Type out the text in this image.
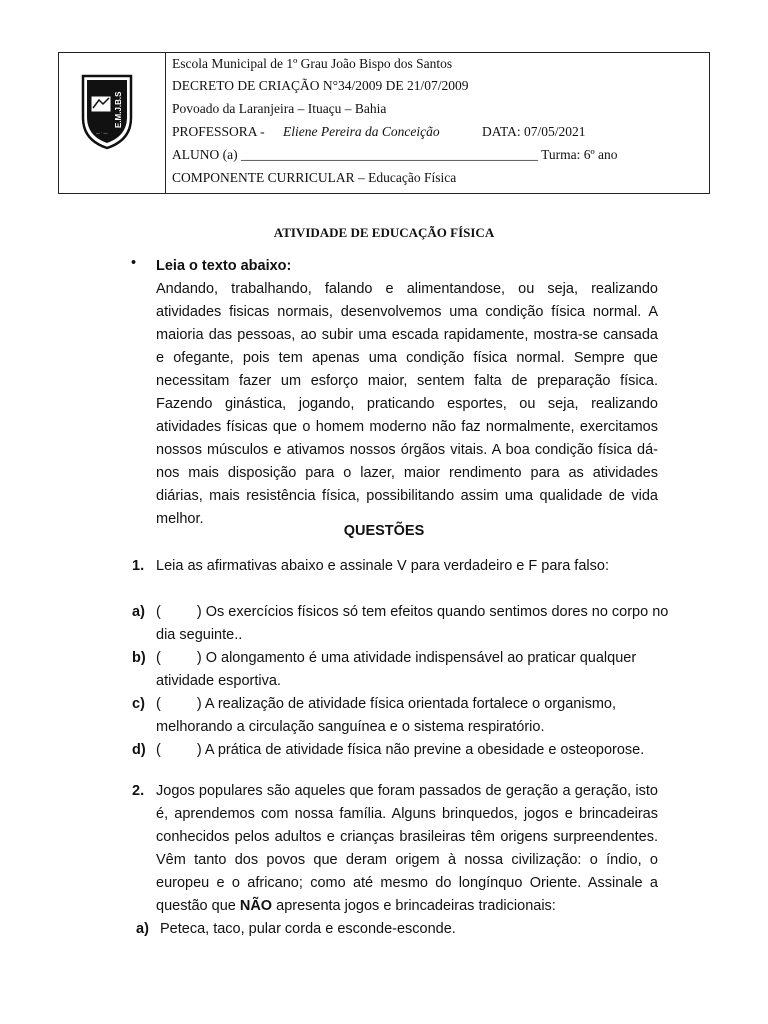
E.M.J.B.S
— · —
Escola Municipal de 1º Grau João Bispo dos Santos
DECRETO DE CRIAÇÃO N°34/2009 DE 21/07/2009
Povoado da Laranjeira – Ituaçu – Bahia
PROFESSORA - Eliene Pereira da Conceição	DATA: 07/05/2021
ALUNO (a) ____________________________________________ Turma: 6º ano
COMPONENTE CURRICULAR – Educação Física
ATIVIDADE DE EDUCAÇÃO FÍSICA
• Leia o texto abaixo:
Andando, trabalhando, falando e alimentandose, ou seja, realizando atividades fisicas normais, desenvolvemos uma condição física normal. A maioria das pessoas, ao subir uma escada rapidamente, mostra-se cansada e ofegante, pois tem apenas uma condição física normal. Sempre que necessitam fazer um esforço maior, sentem falta de preparação física. Fazendo ginástica, jogando, praticando esportes, ou seja, realizando atividades físicas que o homem moderno não faz normalmente, exercitamos nossos músculos e ativamos nossos órgãos vitais. A boa condição física dá-nos mais disposição para o lazer, maior rendimento para as atividades diárias, mais resistência física, possibilitando assim uma qualidade de vida melhor.
QUESTÕES
1. Leia as afirmativas abaixo e assinale V para verdadeiro e F para falso:
a) ( ) Os exercícios físicos só tem efeitos quando sentimos dores no corpo no
dia seguinte..
b) ( ) O alongamento é uma atividade indispensável ao praticar qualquer
atividade esportiva.
c) ( ) A realização de atividade física orientada fortalece o organismo,
melhorando a circulação sanguínea e o sistema respiratório.
d) ( ) A prática de atividade física não previne a obesidade e osteoporose.
2. Jogos populares são aqueles que foram passados de geração a geração, isto é, aprendemos com nossa família. Alguns brinquedos, jogos e brincadeiras conhecidos pelos adultos e crianças brasileiras têm origens surpreendentes. Vêm tanto dos povos que deram origem à nossa civilização: o índio, o europeu e o africano; como até mesmo do longínquo Oriente. Assinale a questão que NÃO apresenta jogos e brincadeiras tradicionais:
a) Peteca, taco, pular corda e esconde-esconde.
